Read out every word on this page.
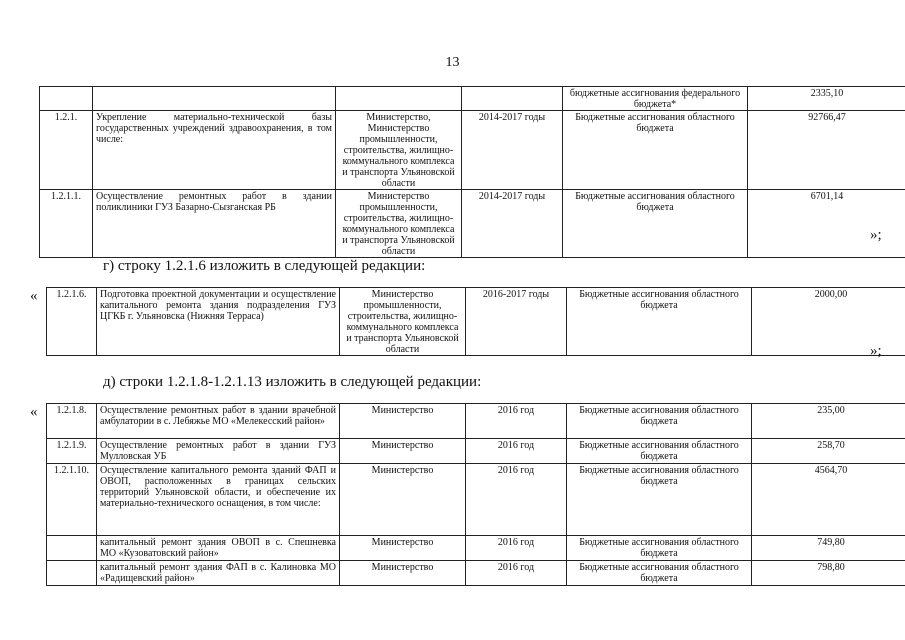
13
				бюджетные ассигнования федерального бюджета*	2335,10
1.2.1.	Укрепление материально-технической базы государственных учреждений здравоохранения, в том числе:	Министерство, Министерство промышленности, строительства, жилищно-коммунального комплекса и транспорта Ульяновской области	2014-2017 годы	Бюджетные ассигнования областного бюджета	92766,47
1.2.1.1.	Осуществление ремонтных работ в здании поликлиники ГУЗ Базарно-Сызганская РБ	Министерство промышленности, строительства, жилищно-коммунального комплекса и транспорта Ульяновской области	2014-2017 годы	Бюджетные ассигнования областного бюджета	6701,14
»;
г) строку 1.2.1.6 изложить в следующей редакции:
« 1.2.1.6.	Подготовка проектной документации и осуществление капитального ремонта здания подразделения ГУЗ ЦГКБ г. Ульяновска (Нижняя Терраса)	Министерство промышленности, строительства, жилищно-коммунального комплекса и транспорта Ульяновской области	2016-2017 годы	Бюджетные ассигнования областного бюджета	2000,00
»;
д) строки 1.2.1.8-1.2.1.13 изложить в следующей редакции:
« 1.2.1.8.	Осуществление ремонтных работ в здании врачебной амбулатории в с. Лебяжье МО «Мелекесский район»	Министерство	2016 год	Бюджетные ассигнования областного бюджета	235,00
1.2.1.9.	Осуществление ремонтных работ в здании ГУЗ Мулловская УБ	Министерство	2016 год	Бюджетные ассигнования областного бюджета	258,70
1.2.1.10.	Осуществление капитального ремонта зданий ФАП и ОВОП, расположенных в границах сельских территорий Ульяновской области, и обеспечение их материально-технического оснащения, в том числе:	Министерство	2016 год	Бюджетные ассигнования областного бюджета	4564,70
	капитальный ремонт здания ОВОП в с. Спешневка МО «Кузоватовский район»	Министерство	2016 год	Бюджетные ассигнования областного бюджета	749,80
	капитальный ремонт здания ФАП в с. Калиновка МО «Радищевский район»	Министерство	2016 год	Бюджетные ассигнования областного бюджета	798,80
